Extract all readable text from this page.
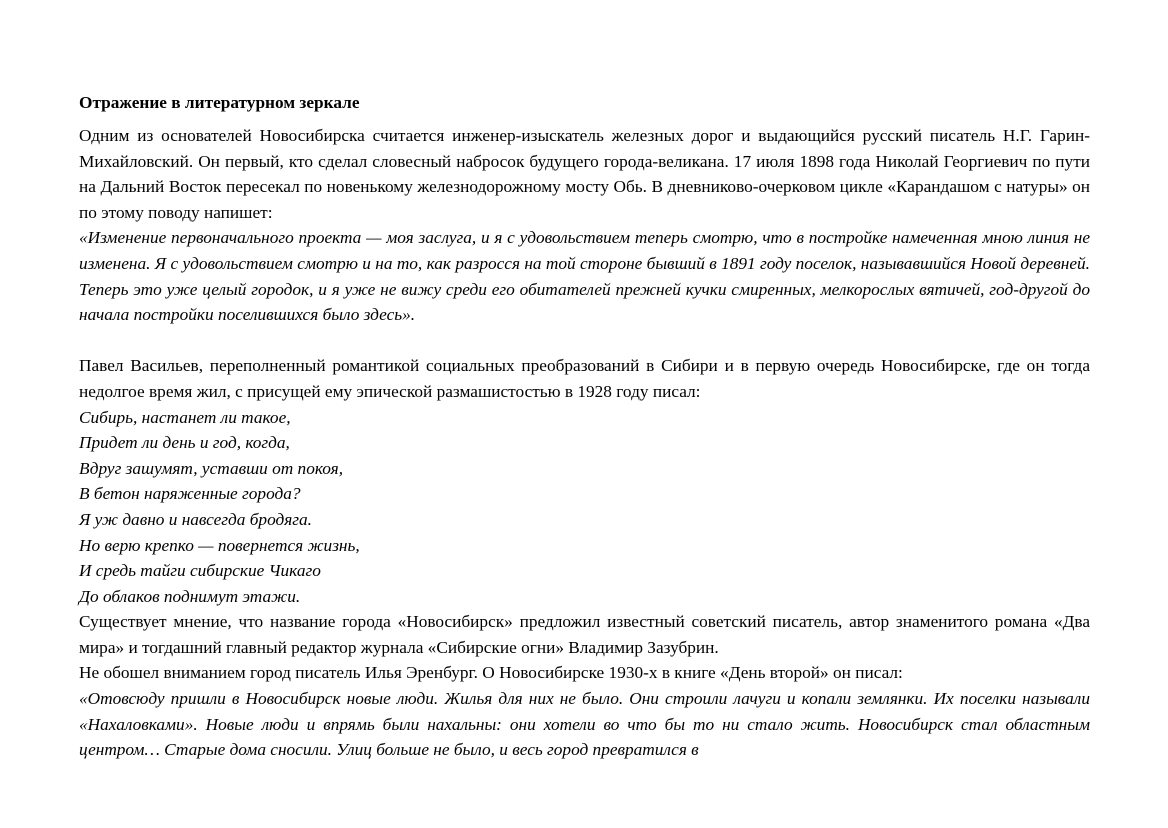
Отражение в литературном зеркале

Одним из основателей Новосибирска считается инженер-изыскатель железных дорог и выдающийся русский писатель Н.Г. Гарин-Михайловский. Он первый, кто сделал словесный набросок будущего города-великана. 17 июля 1898 года Николай Георгиевич по пути на Дальний Восток пересекал по новенькому железнодорожному мосту Обь. В дневниково-очерковом цикле «Карандашом с натуры» он по этому поводу напишет:

«Изменение первоначального проекта — моя заслуга, и я с удовольствием теперь смотрю, что в постройке намеченная мною линия не изменена. Я с удовольствием смотрю и на то, как разросся на той стороне бывший в 1891 году поселок, называвшийся Новой деревней. Теперь это уже целый городок, и я уже не вижу среди его обитателей прежней кучки смиренных, мелкорослых вятичей, год-другой до начала постройки поселившихся было здесь».

Павел Васильев, переполненный романтикой социальных преобразований в Сибири и в первую очередь Новосибирске, где он тогда недолгое время жил, с присущей ему эпической размашистостью в 1928 году писал:

Сибирь, настанет ли такое,

Придет ли день и год, когда,

Вдруг зашумят, уставши от покоя,

В бетон наряженные города?

Я уж давно и навсегда бродяга.

Но верю крепко — повернется жизнь,

И средь тайги сибирские Чикаго

До облаков поднимут этажи.

Существует мнение, что название города «Новосибирск» предложил известный советский писатель, автор знаменитого романа «Два мира» и тогдашний главный редактор журнала «Сибирские огни» Владимир Зазубрин.

Не обошел вниманием город писатель Илья Эренбург. О Новосибирске 1930-х в книге «День второй» он писал:

«Отовсюду пришли в Новосибирск новые люди. Жилья для них не было. Они строили лачуги и копали землянки. Их поселки называли «Нахаловками». Новые люди и впрямь были нахальны: они хотели во что бы то ни стало жить. Новосибирск стал областным центром… Старые дома сносили. Улиц больше не было, и весь город превратился в
